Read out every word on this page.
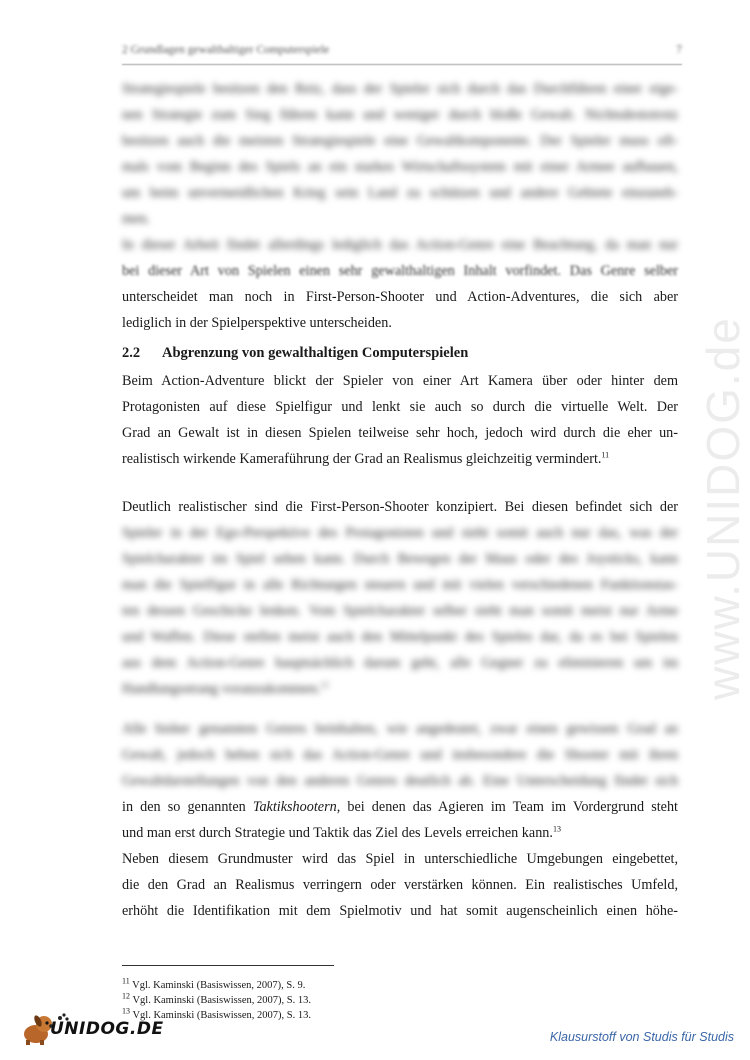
2 Grundlagen gewalthaltiger Computerspiele	7
Strategiespiele besitzen den Reiz, dass der Spieler sich durch das Durchführen einer eige-
nen Strategie zum Sieg führen kann und weniger durch bloße Gewalt. Nichtsdestotrotz
besitzen auch die meisten Strategiespiele eine Gewaltkomponente. Der Spieler muss oft-
mals vom Beginn des Spiels an ein starkes Wirtschaftssystem mit einer Armee aufbauen,
um beim unvermeidlichen Krieg sein Land zu schützen und andere Gebiete einzuneh-
men.
In dieser Arbeit findet allerdings lediglich das Action-Genre eine Beachtung, da man nur
bei dieser Art von Spielen einen sehr gewalthaltigen Inhalt vorfindet. Das Genre selber
unterscheidet man noch in First-Person-Shooter und Action-Adventures, die sich aber
lediglich in der Spielperspektive unterscheiden.
2.2 Abgrenzung von gewalthaltigen Computerspielen
Beim Action-Adventure blickt der Spieler von einer Art Kamera über oder hinter dem
Protagonisten auf diese Spielfigur und lenkt sie auch so durch die virtuelle Welt. Der
Grad an Gewalt ist in diesen Spielen teilweise sehr hoch, jedoch wird durch die eher un-
realistisch wirkende Kameraführung der Grad an Realismus gleichzeitig vermindert.$^{11}$
Deutlich realistischer sind die First-Person-Shooter konzipiert. Bei diesen befindet sich der
Spieler in der Ego-Perspektive des Protagonisten und sieht somit auch nur das, was der
Spielcharakter im Spiel sehen kann. Durch Bewegen der Maus oder des Joysticks, kann
man die Spielfigur in alle Richtungen steuern und mit vielen verschiedenen Funktionstas-
ten dessen Geschicke lenken. Vom Spielcharakter selber sieht man somit meist nur Arme
und Waffen. Diese stellen meist auch den Mittelpunkt des Spieles dar, da es bei Spielen
aus dem Action-Genre hauptsächlich darum geht, alle Gegner zu eliminieren um im
Handlungsstrang voranzukommen.$^{12}$
Alle bisher genannten Genres beinhalten, wie angedeutet, zwar einen gewissen Grad an
Gewalt, jedoch heben sich das Action-Genre und insbesondere die Shooter mit ihren
Gewaltdarstellungen von den anderen Genres deutlich ab. Eine Unterscheidung findet sich
in den so genannten Taktikshootern, bei denen das Agieren im Team im Vordergrund steht
und man erst durch Strategie und Taktik das Ziel des Levels erreichen kann.$^{13}$
Neben diesem Grundmuster wird das Spiel in unterschiedliche Umgebungen eingebettet,
die den Grad an Realismus verringern oder verstärken können. Ein realistisches Umfeld,
erhöht die Identifikation mit dem Spielmotiv und hat somit augenscheinlich einen höhe-
$^{11}$ Vgl. Kaminski (Basiswissen, 2007), S. 9.
$^{12}$ Vgl. Kaminski (Basiswissen, 2007), S. 13.
$^{13}$ Vgl. Kaminski (Basiswissen, 2007), S. 13.
www.UNIDOG.de
UNIDOG.DE	Klausurstoff von Studis für Studis
